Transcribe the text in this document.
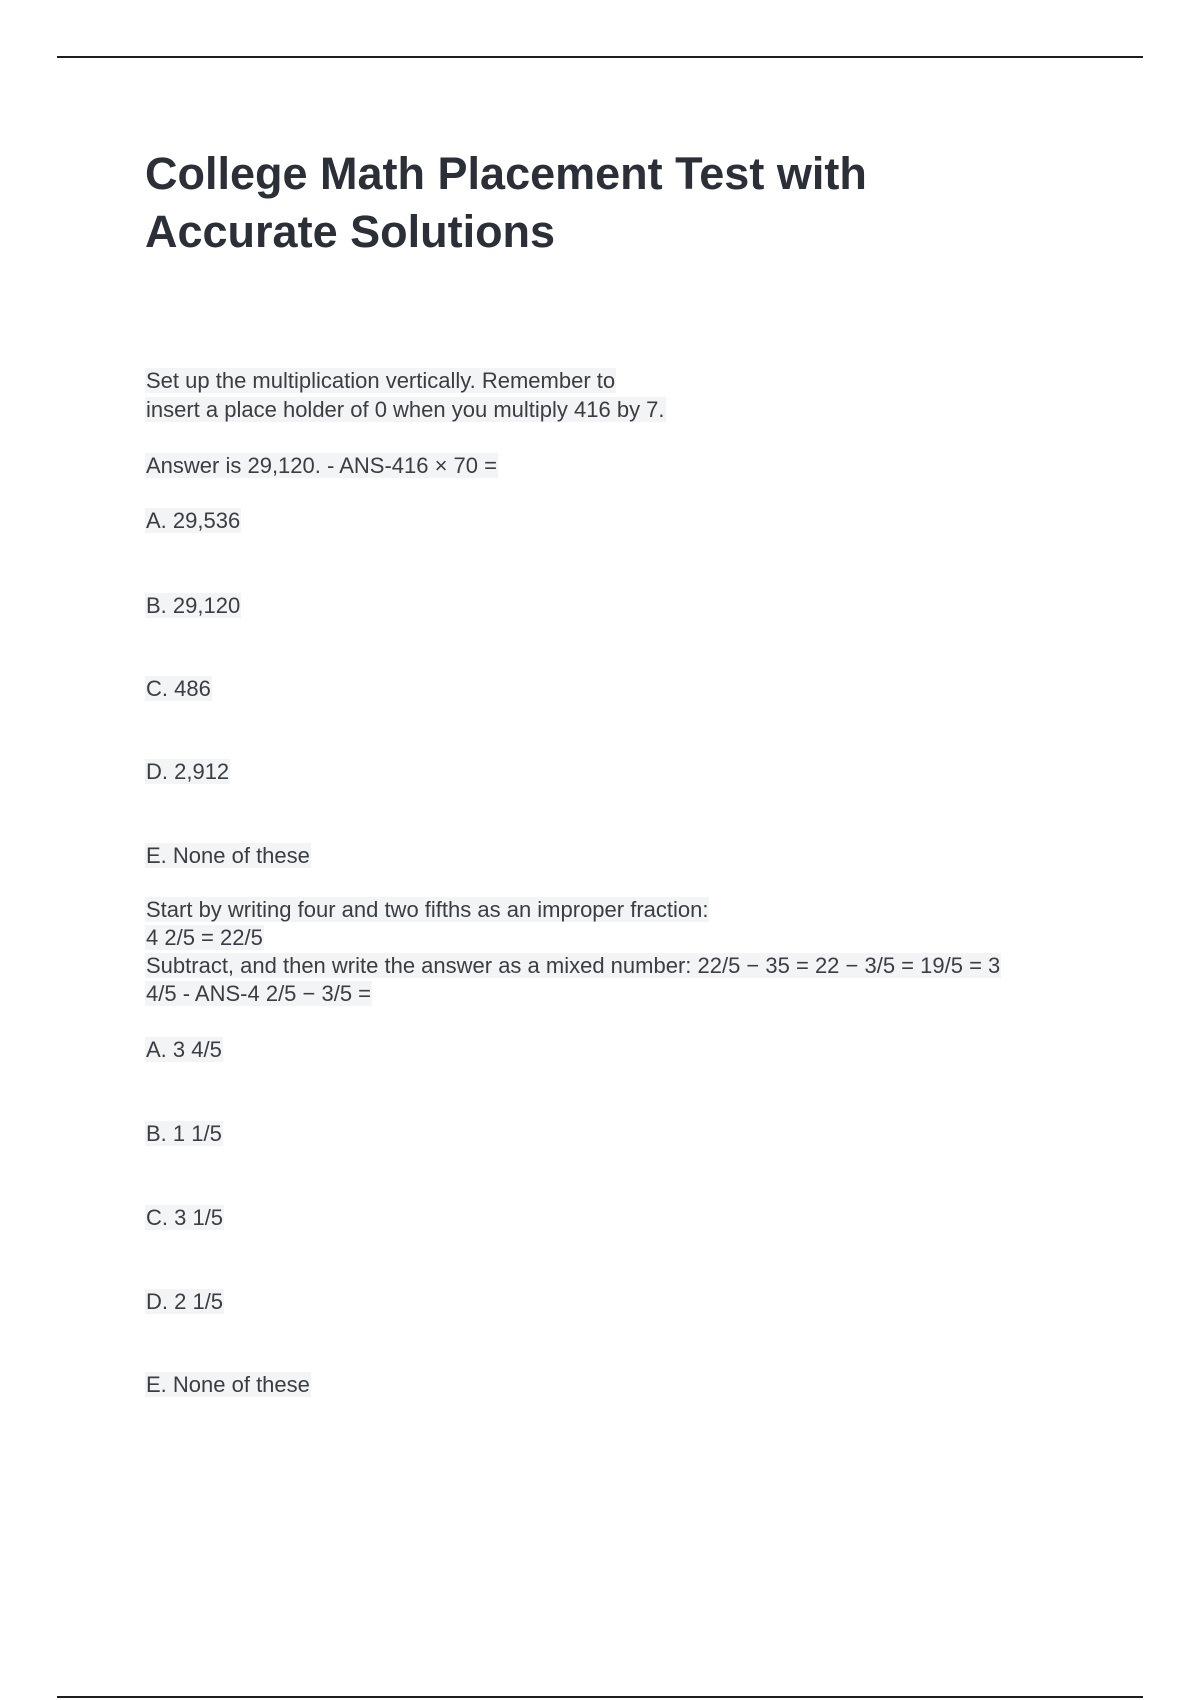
College Math Placement Test with
Accurate Solutions

Set up the multiplication vertically. Remember to

insert a place holder of 0 when you multiply 416 by 7.

Answer is 29,120. - ANS-416 × 70 =

A. 29,536

B. 29,120

C. 486

D. 2,912

E. None of these

Start by writing four and two fifths as an improper fraction:

4 2/5 = 22/5

Subtract, and then write the answer as a mixed number: 22/5 − 35 = 22 − 3/5 = 19/5 = 3

4/5 - ANS-4 2/5 − 3/5 =

A. 3 4/5

B. 1 1/5

C. 3 1/5

D. 2 1/5

E. None of these
